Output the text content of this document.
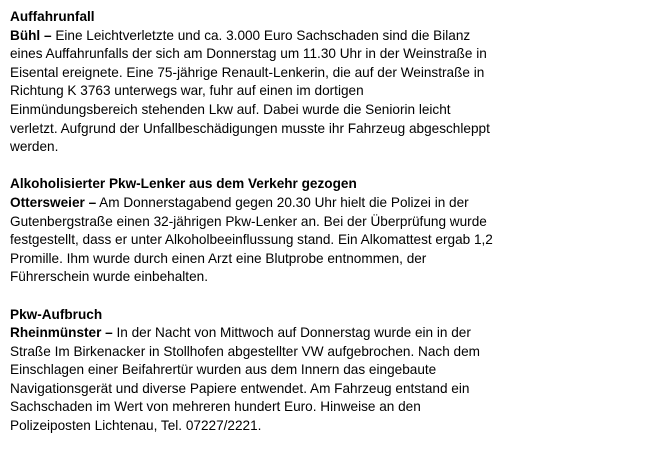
Auffahrunfall
Bühl – Eine Leichtverletzte und ca. 3.000 Euro Sachschaden sind die Bilanz
eines Auffahrunfalls der sich am Donnerstag um 11.30 Uhr in der Weinstraße in
Eisental ereignete. Eine 75-jährige Renault-Lenkerin, die auf der Weinstraße in
Richtung K 3763 unterwegs war, fuhr auf einen im dortigen
Einmündungsbereich stehenden Lkw auf. Dabei wurde die Seniorin leicht
verletzt. Aufgrund der Unfallbeschädigungen musste ihr Fahrzeug abgeschleppt
werden.
Alkoholisierter Pkw-Lenker aus dem Verkehr gezogen
Ottersweier – Am Donnerstagabend gegen 20.30 Uhr hielt die Polizei in der
Gutenbergstraße einen 32-jährigen Pkw-Lenker an. Bei der Überprüfung wurde
festgestellt, dass er unter Alkoholbeeinflussung stand. Ein Alkomattest ergab 1,2
Promille. Ihm wurde durch einen Arzt eine Blutprobe entnommen, der
Führerschein wurde einbehalten.
Pkw-Aufbruch
Rheinmünster – In der Nacht von Mittwoch auf Donnerstag wurde ein in der
Straße Im Birkenacker in Stollhofen abgestellter VW aufgebrochen. Nach dem
Einschlagen einer Beifahrertür wurden aus dem Innern das eingebaute
Navigationsgerät und diverse Papiere entwendet. Am Fahrzeug entstand ein
Sachschaden im Wert von mehreren hundert Euro. Hinweise an den
Polizeiposten Lichtenau, Tel. 07227/2221.
